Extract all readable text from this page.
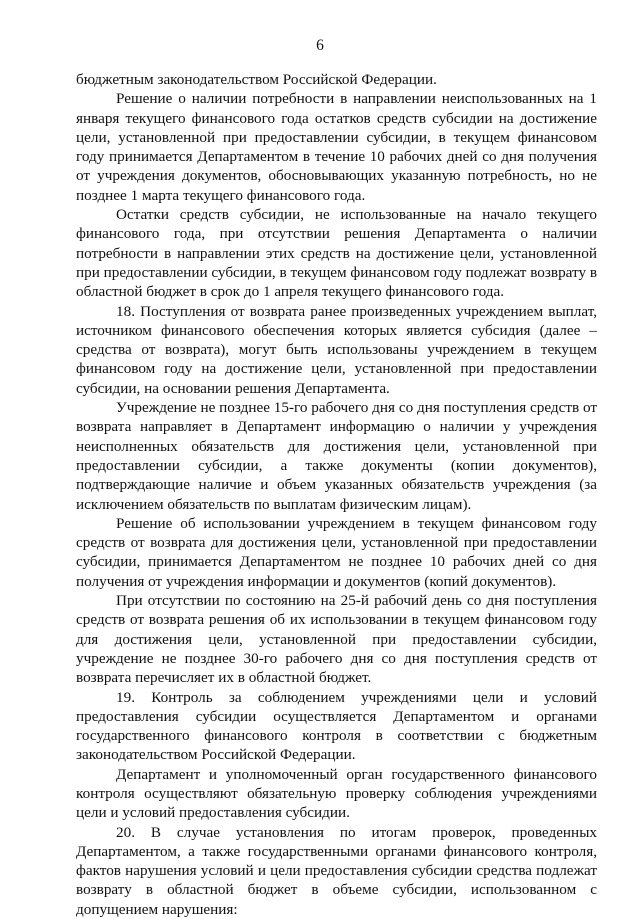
6

бюджетным законодательством Российской Федерации.

Решение о наличии потребности в направлении неиспользованных на 1 января текущего финансового года остатков средств субсидии на достижение цели, установленной при предоставлении субсидии, в текущем финансовом году принимается Департаментом в течение 10 рабочих дней со дня получения от учреждения документов, обосновывающих указанную потребность, но не позднее 1 марта текущего финансового года.

Остатки средств субсидии, не использованные на начало текущего финансового года, при отсутствии решения Департамента о наличии потребности в направлении этих средств на достижение цели, установленной при предоставлении субсидии, в текущем финансовом году подлежат возврату в областной бюджет в срок до 1 апреля текущего финансового года.

18. Поступления от возврата ранее произведенных учреждением выплат, источником финансового обеспечения которых является субсидия (далее – средства от возврата), могут быть использованы учреждением в текущем финансовом году на достижение цели, установленной при предоставлении субсидии, на основании решения Департамента.

Учреждение не позднее 15-го рабочего дня со дня поступления средств от возврата направляет в Департамент информацию о наличии у учреждения неисполненных обязательств для достижения цели, установленной при предоставлении субсидии, а также документы (копии документов), подтверждающие наличие и объем указанных обязательств учреждения (за исключением обязательств по выплатам физическим лицам).

Решение об использовании учреждением в текущем финансовом году средств от возврата для достижения цели, установленной при предоставлении субсидии, принимается Департаментом не позднее 10 рабочих дней со дня получения от учреждения информации и документов (копий документов).

При отсутствии по состоянию на 25-й рабочий день со дня поступления средств от возврата решения об их использовании в текущем финансовом году для достижения цели, установленной при предоставлении субсидии, учреждение не позднее 30-го рабочего дня со дня поступления средств от возврата перечисляет их в областной бюджет.

19. Контроль за соблюдением учреждениями цели и условий предоставления субсидии осуществляется Департаментом и органами государственного финансового контроля в соответствии с бюджетным законодательством Российской Федерации.

Департамент и уполномоченный орган государственного финансового контроля осуществляют обязательную проверку соблюдения учреждениями цели и условий предоставления субсидии.

20. В случае установления по итогам проверок, проведенных Департаментом, а также государственными органами финансового контроля, фактов нарушения условий и цели предоставления субсидии средства подлежат возврату в областной бюджет в объеме субсидии, использованном с допущением нарушения:
